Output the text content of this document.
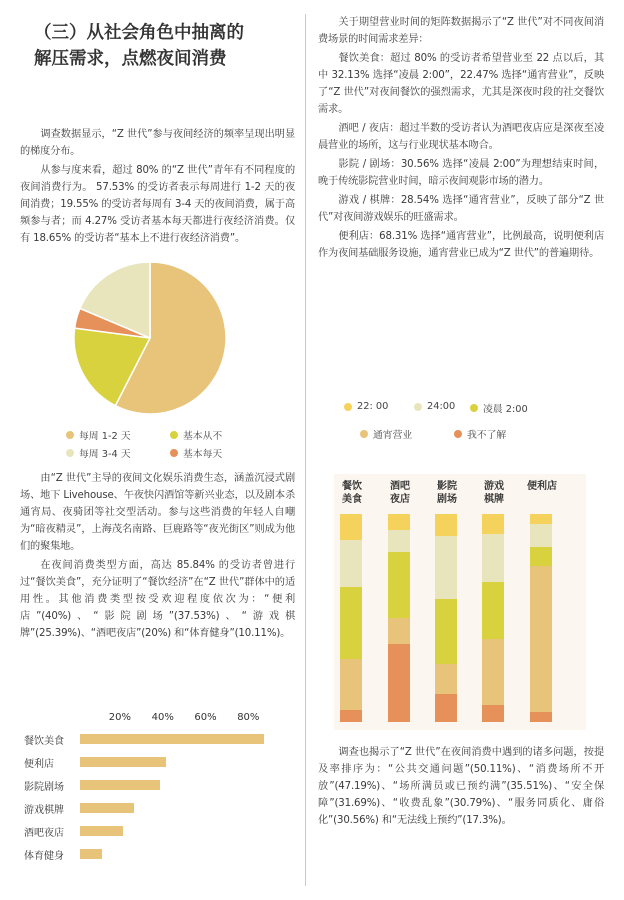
（三）从社会角色中抽离的
解压需求，点燃夜间消费

调查数据显示，“Z 世代”参与夜间经济的频率呈现出明显的梯度分布。

从参与度来看，超过 80% 的“Z 世代”青年有不同程度的夜间消费行为。 57.53% 的受访者表示每周进行 1-2 天的夜间消费；19.55% 的受访者每周有 3-4 天的夜间消费，属于高频参与者；而 4.27% 受访者基本每天都进行夜经济消费。仅有 18.65% 的受访者“基本上不进行夜经济消费”。

每周 1-2 天	基本从不
每周 3-4 天	基本每天

由“Z 世代”主导的夜间文化娱乐消费生态，涵盖沉浸式剧场、地下 Livehouse、午夜快闪酒馆等新兴业态，以及剧本杀通宵局、夜骑团等社交型活动。参与这些消费的年轻人自嘲为“暗夜精灵”，上海茂名南路、巨鹿路等“夜光街区”则成为他们的聚集地。

在夜间消费类型方面，高达 85.84% 的受访者曾进行过“餐饮美食”，充分证明了“餐饮经济”在“Z 世代”群体中的适用性。其他消费类型按受欢迎程度依次为：“便利店”(40%)、“影院剧场”(37.53%)、“游戏棋牌”(25.39%)、“酒吧夜店”(20%) 和“体育健身”(10.11%)。

20% 40% 60% 80%
餐饮美食
便利店
影院剧场
游戏棋牌
酒吧夜店
体育健身

关于期望营业时间的矩阵数据揭示了“Z 世代”对不同夜间消费场景的时间需求差异：

餐饮美食：超过 80% 的受访者希望营业至 22 点以后，其中 32.13% 选择“凌晨 2:00”，22.47% 选择“通宵营业”，反映了“Z 世代”对夜间餐饮的强烈需求，尤其是深夜时段的社交餐饮需求。

酒吧 / 夜店：超过半数的受访者认为酒吧夜店应是深夜至凌晨营业的场所，这与行业现状基本吻合。

影院 / 剧场：30.56% 选择“凌晨 2:00”为理想结束时间，晚于传统影院营业时间，暗示夜间观影市场的潜力。

游戏 / 棋牌：28.54% 选择“通宵营业”，反映了部分“Z 世代”对夜间游戏娱乐的旺盛需求。

便利店：68.31% 选择“通宵营业”，比例最高，说明便利店作为夜间基础服务设施，通宵营业已成为“Z 世代”的普遍期待。

22: 00	24:00	凌晨 2:00
通宵营业	我不了解
餐饮
美食
酒吧
夜店
影院
剧场
游戏
棋牌
便利店

调查也揭示了“Z 世代”在夜间消费中遇到的诸多问题，按提及率排序为：“公共交通问题”(50.11%)、“消费场所不开放”(47.19%)、“场所满员或已预约满”(35.51%)、“安全保障”(31.69%)、“收费乱象”(30.79%)、“服务同质化、庸俗化”(30.56%) 和“无法线上预约”(17.3%)。
